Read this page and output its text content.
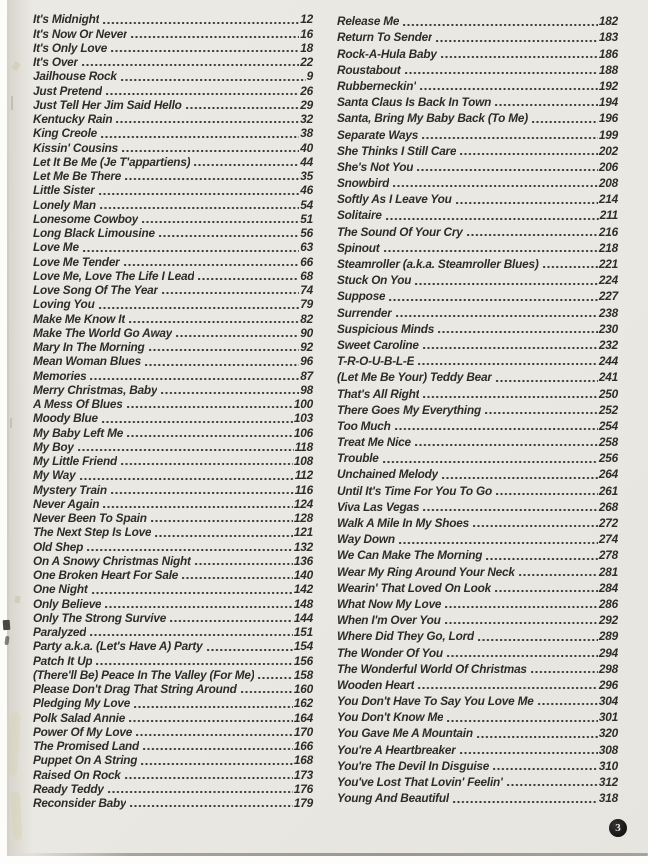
It's Midnight	12
It's Now Or Never	16
It's Only Love	18
It's Over	22
Jailhouse Rock	9
Just Pretend	26
Just Tell Her Jim Said Hello	29
Kentucky Rain	32
King Creole	38
Kissin' Cousins	40
Let It Be Me (Je T'appartiens)	44
Let Me Be There	35
Little Sister	46
Lonely Man	54
Lonesome Cowboy	51
Long Black Limousine	56
Love Me	63
Love Me Tender	66
Love Me, Love The Life I Lead	68
Love Song Of The Year	74
Loving You	79
Make Me Know It	82
Make The World Go Away	90
Mary In The Morning	92
Mean Woman Blues	96
Memories	87
Merry Christmas, Baby	98
A Mess Of Blues	100
Moody Blue	103
My Baby Left Me	106
My Boy	118
My Little Friend	108
My Way	112
Mystery Train	116
Never Again	124
Never Been To Spain	128
The Next Step Is Love	121
Old Shep	132
On A Snowy Christmas Night	136
One Broken Heart For Sale	140
One Night	142
Only Believe	148
Only The Strong Survive	144
Paralyzed	151
Party a.k.a. (Let's Have A) Party	154
Patch It Up	156
(There'll Be) Peace In The Valley (For Me)	158
Please Don't Drag That String Around	160
Pledging My Love	162
Polk Salad Annie	164
Power Of My Love	170
The Promised Land	166
Puppet On A String	168
Raised On Rock	173
Ready Teddy	176
Reconsider Baby	179
Release Me	182
Return To Sender	183
Rock-A-Hula Baby	186
Roustabout	188
Rubberneckin'	192
Santa Claus Is Back In Town	194
Santa, Bring My Baby Back (To Me)	196
Separate Ways	199
She Thinks I Still Care	202
She's Not You	206
Snowbird	208
Softly As I Leave You	214
Solitaire	211
The Sound Of Your Cry	216
Spinout	218
Steamroller (a.k.a. Steamroller Blues)	221
Stuck On You	224
Suppose	227
Surrender	238
Suspicious Minds	230
Sweet Caroline	232
T-R-O-U-B-L-E	244
(Let Me Be Your) Teddy Bear	241
That's All Right	250
There Goes My Everything	252
Too Much	254
Treat Me Nice	258
Trouble	256
Unchained Melody	264
Until It's Time For You To Go	261
Viva Las Vegas	268
Walk A Mile In My Shoes	272
Way Down	274
We Can Make The Morning	278
Wear My Ring Around Your Neck	281
Wearin' That Loved On Look	284
What Now My Love	286
When I'm Over You	292
Where Did They Go, Lord	289
The Wonder Of You	294
The Wonderful World Of Christmas	298
Wooden Heart	296
You Don't Have To Say You Love Me	304
You Don't Know Me	301
You Gave Me A Mountain	320
You're A Heartbreaker	308
You're The Devil In Disguise	310
You've Lost That Lovin' Feelin'	312
Young And Beautiful	318
3
